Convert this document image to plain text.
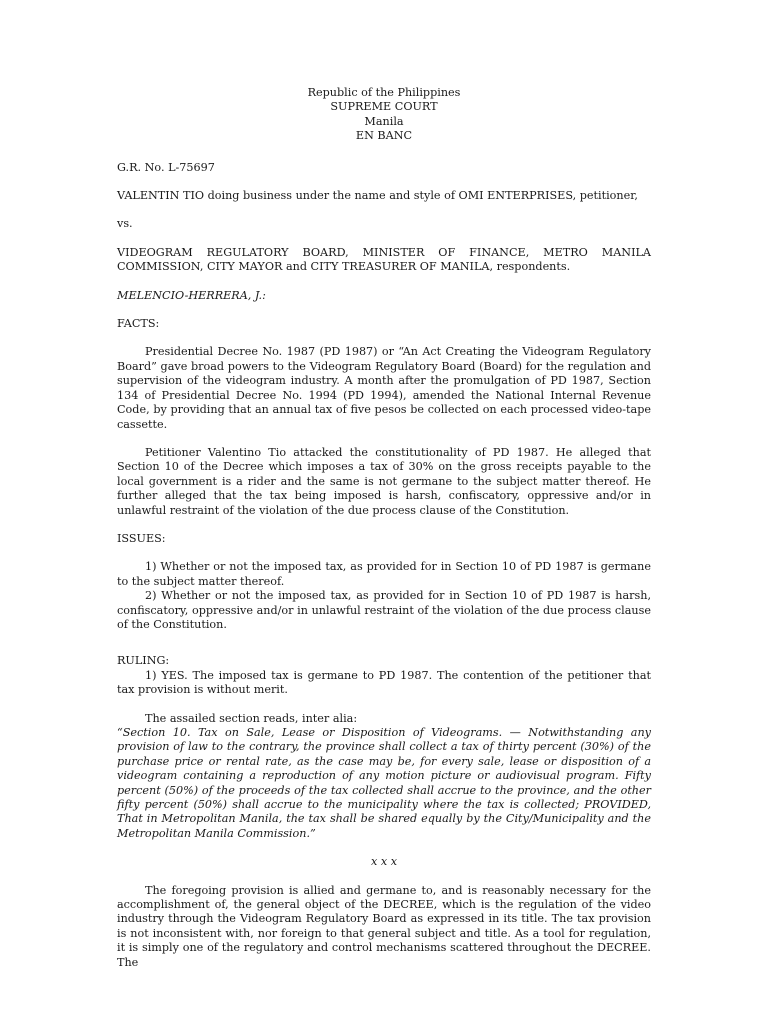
Republic of the Philippines
SUPREME COURT
Manila
EN BANC

G.R. No. L-75697

VALENTIN TIO doing business under the name and style of OMI ENTERPRISES, petitioner,

vs.

VIDEOGRAM REGULATORY BOARD, MINISTER OF FINANCE, METRO MANILA COMMISSION, CITY MAYOR and CITY TREASURER OF MANILA, respondents.

MELENCIO-HERRERA, J.:

FACTS:

Presidential Decree No. 1987 (PD 1987) or “An Act Creating the Videogram Regulatory Board” gave broad powers to the Videogram Regulatory Board (Board) for the regulation and supervision of the videogram industry. A month after the promulgation of PD 1987, Section 134 of Presidential Decree No. 1994 (PD 1994), amended the National Internal Revenue Code, by providing that an annual tax of five pesos be collected on each processed video-tape cassette.

Petitioner Valentino Tio attacked the constitutionality of PD 1987. He alleged that Section 10 of the Decree which imposes a tax of 30% on the gross receipts payable to the local government is a rider and the same is not germane to the subject matter thereof. He further alleged that the tax being imposed is harsh, confiscatory, oppressive and/or in unlawful restraint of the violation of the due process clause of the Constitution.

ISSUES:

1) Whether or not the imposed tax, as provided for in Section 10 of PD 1987 is germane to the subject matter thereof.

2) Whether or not the imposed tax, as provided for in Section 10 of PD 1987 is harsh, confiscatory, oppressive and/or in unlawful restraint of the violation of the due process clause of the Constitution.

RULING:

1) YES. The imposed tax is germane to PD 1987. The contention of the petitioner that tax provision is without merit.

The assailed section reads, inter alia:

“Section 10. Tax on Sale, Lease or Disposition of Videograms. — Notwithstanding any provision of law to the contrary, the province shall collect a tax of thirty percent (30%) of the purchase price or rental rate, as the case may be, for every sale, lease or disposition of a videogram containing a reproduction of any motion picture or audiovisual program. Fifty percent (50%) of the proceeds of the tax collected shall accrue to the province, and the other fifty percent (50%) shall accrue to the municipality where the tax is collected; PROVIDED, That in Metropolitan Manila, the tax shall be shared equally by the City/Municipality and the Metropolitan Manila Commission.”

x x x

The foregoing provision is allied and germane to, and is reasonably necessary for the accomplishment of, the general object of the DECREE, which is the regulation of the video industry through the Videogram Regulatory Board as expressed in its title. The tax provision is not inconsistent with, nor foreign to that general subject and title. As a tool for regulation, it is simply one of the regulatory and control mechanisms scattered throughout the DECREE. The
